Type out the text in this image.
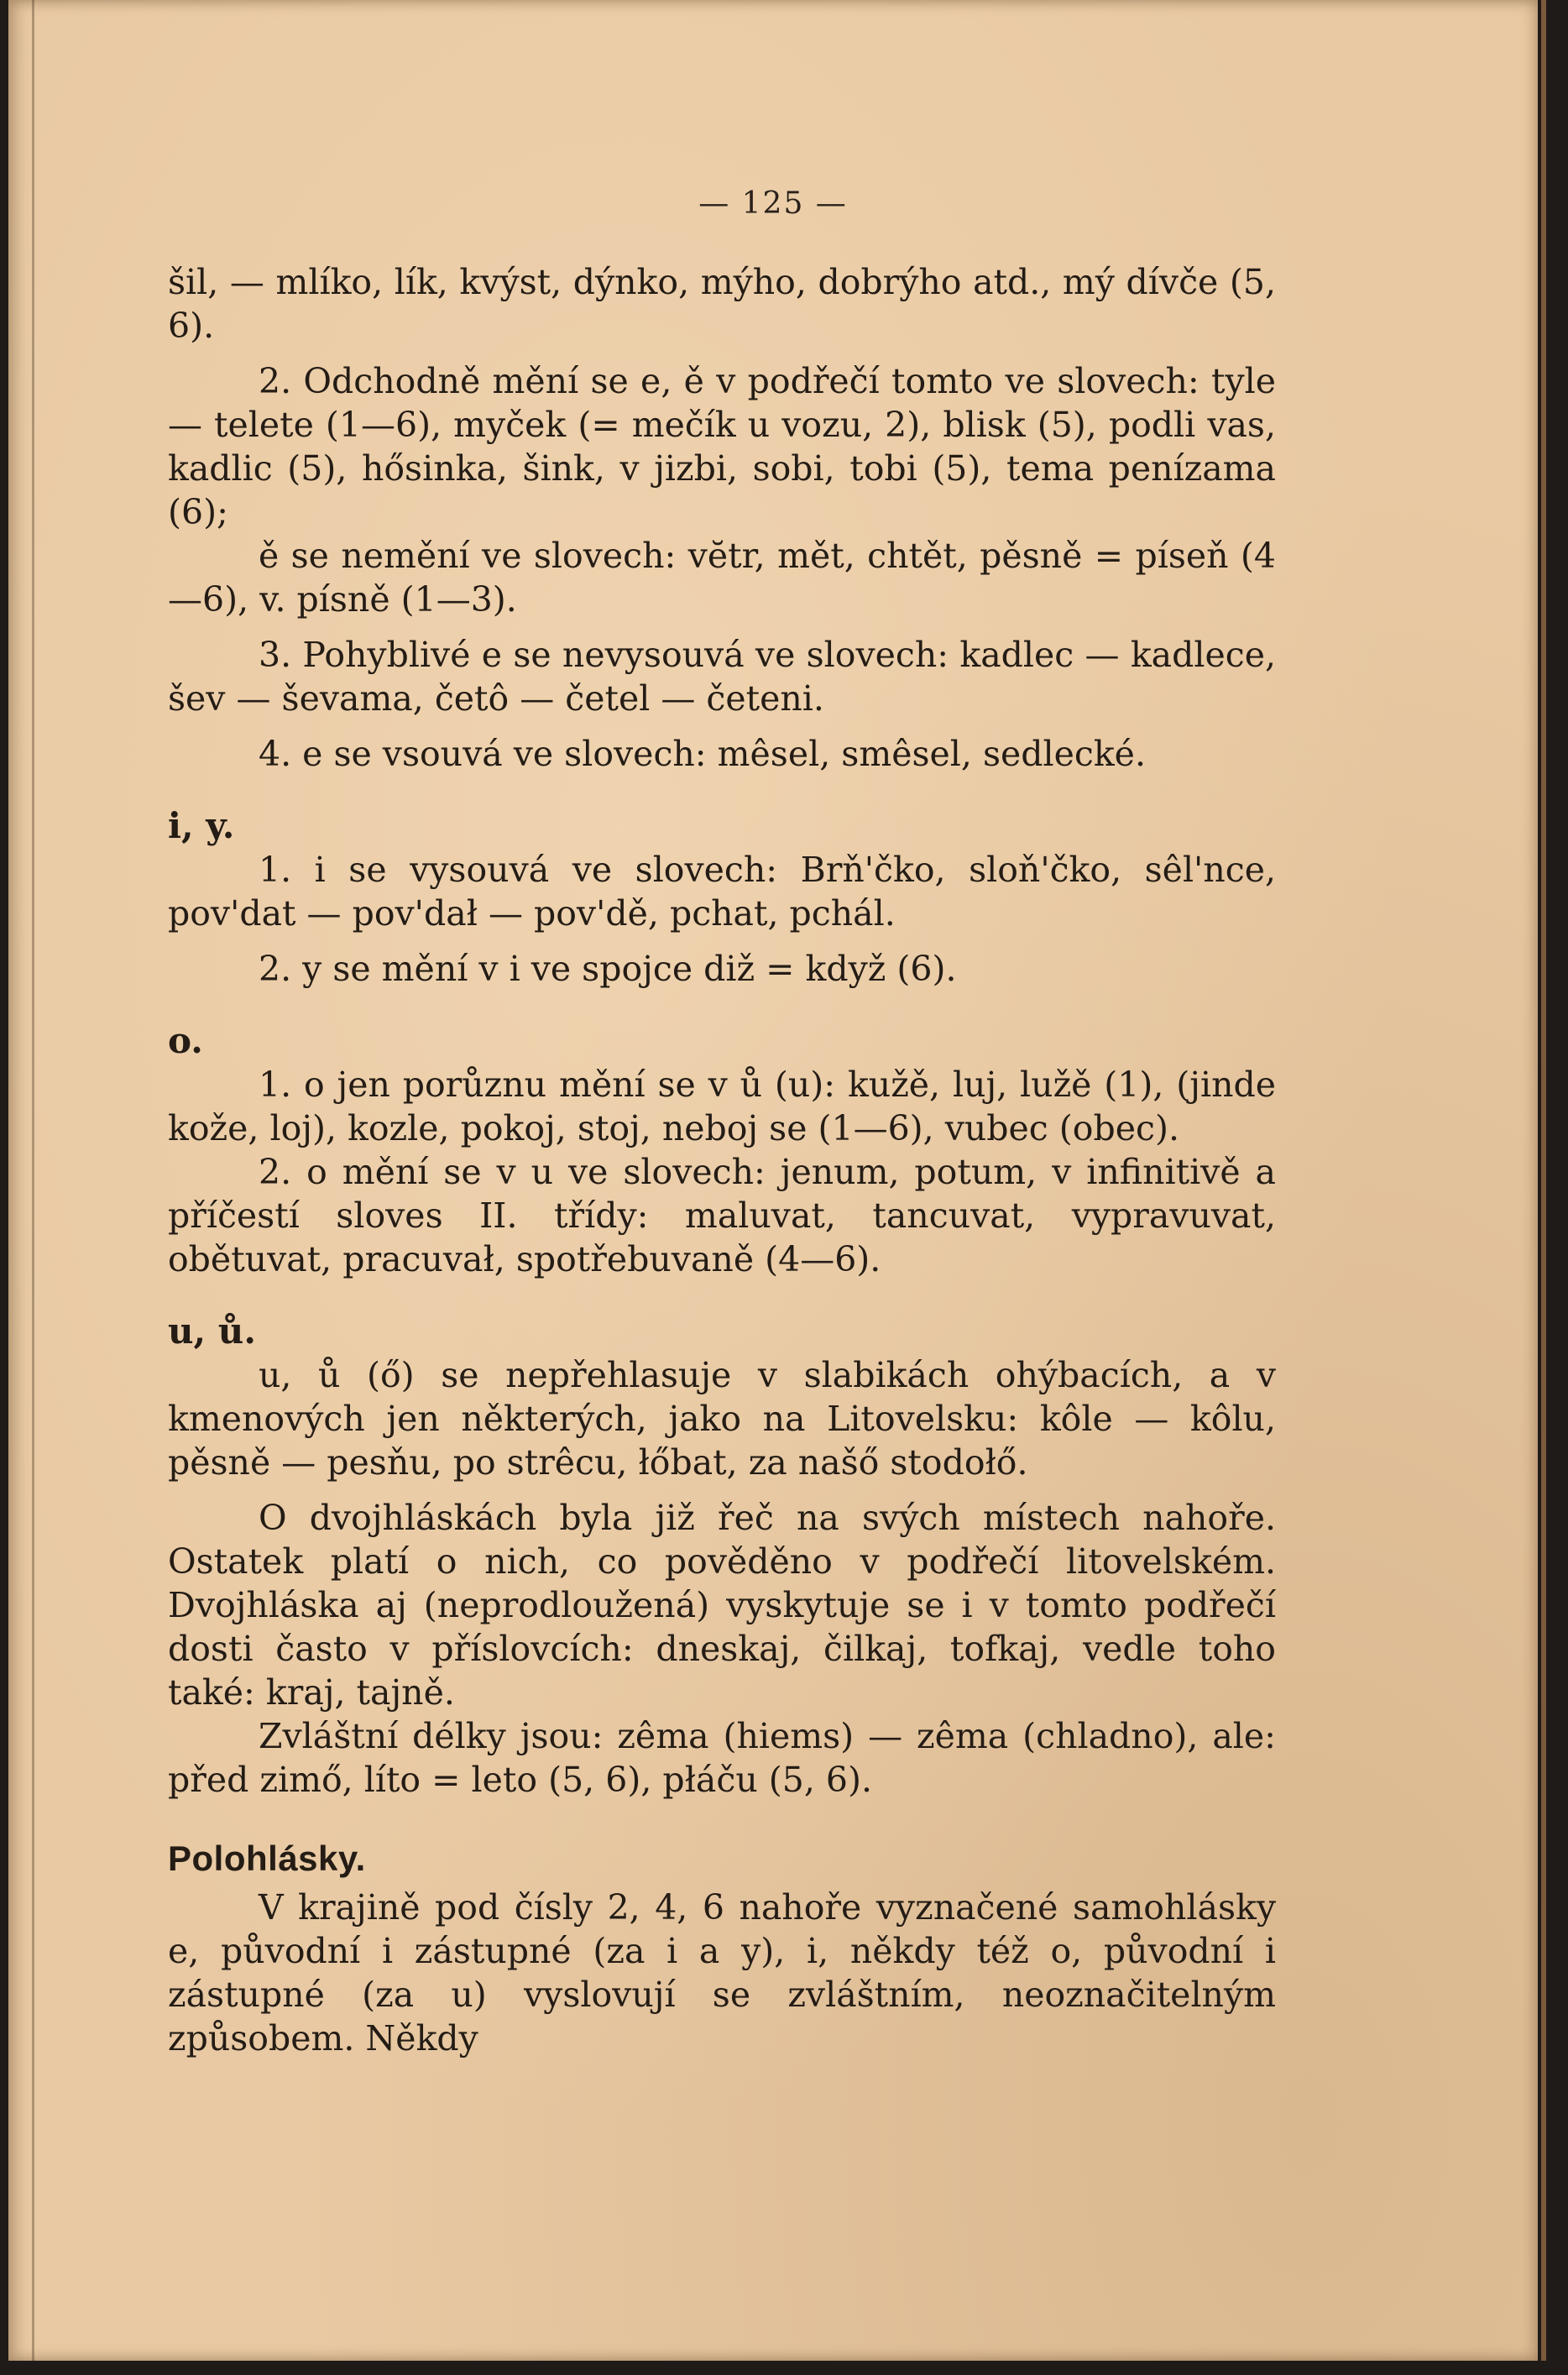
— 125 —

šil, — mlíko, lík, kvýst, dýnko, mýho, dobrýho atd., mý dívče (5, 6).

2. Odchodně mění se e, ě v podřečí tomto ve slovech: tyle — telete (1—6), myček (= mečík u vozu, 2), blisk (5), podli vas, kadlic (5), hősinka, šink, v jizbi, sobi, tobi (5), tema penízama (6);

ě se nemění ve slovech: vĕtr, mět, chtět, pěsně = píseň (4—6), v. písně (1—3).

3. Pohyblivé e se nevysouvá ve slovech: kadlec — kadlece, šev — ševama, četô — četel — četeni.

4. e se vsouvá ve slovech: mêsel, smêsel, sedlecké.

i, y.

1. i se vysouvá ve slovech: Brň'čko, sloň'čko, sêl'nce, pov'dat — pov'dał — pov'dě, pchat, pchál.

2. y se mění v i ve spojce diž = když (6).

o.

1. o jen porůznu mění se v ů (u): kužě, luj, lužě (1), (jinde kože, loj), kozle, pokoj, stoj, neboj se (1—6), vubec (obec).

2. o mění se v u ve slovech: jenum, potum, v infinitivě a příčestí sloves II. třídy: maluvat, tancuvat, vypravuvat, obětuvat, pracuvał, spotřebuvaně (4—6).

u, ů.

u, ů (ő) se nepřehlasuje v slabikách ohýbacích, a v kmenových jen některých, jako na Litovelsku: kôle — kôlu, pěsně — pesňu, po strêcu, łőbat, za našő stodołő.

O dvojhláskách byla již řeč na svých místech nahoře. Ostatek platí o nich, co pověděno v podřečí litovelském. Dvojhláska aj (neprodloužená) vyskytuje se i v tomto podřečí dosti často v příslovcích: dneskaj, čilkaj, tofkaj, vedle toho také: kraj, tajně.

Zvláštní délky jsou: zêma (hiems) — zêma (chladno), ale: před zimő, líto = leto (5, 6), płáču (5, 6).

Polohlásky.

V krajině pod čísly 2, 4, 6 nahoře vyznačené samohlásky e, původní i zástupné (za i a y), i, někdy též o, původní i zástupné (za u) vyslovují se zvláštním, neoznačitelným způsobem. Někdy
